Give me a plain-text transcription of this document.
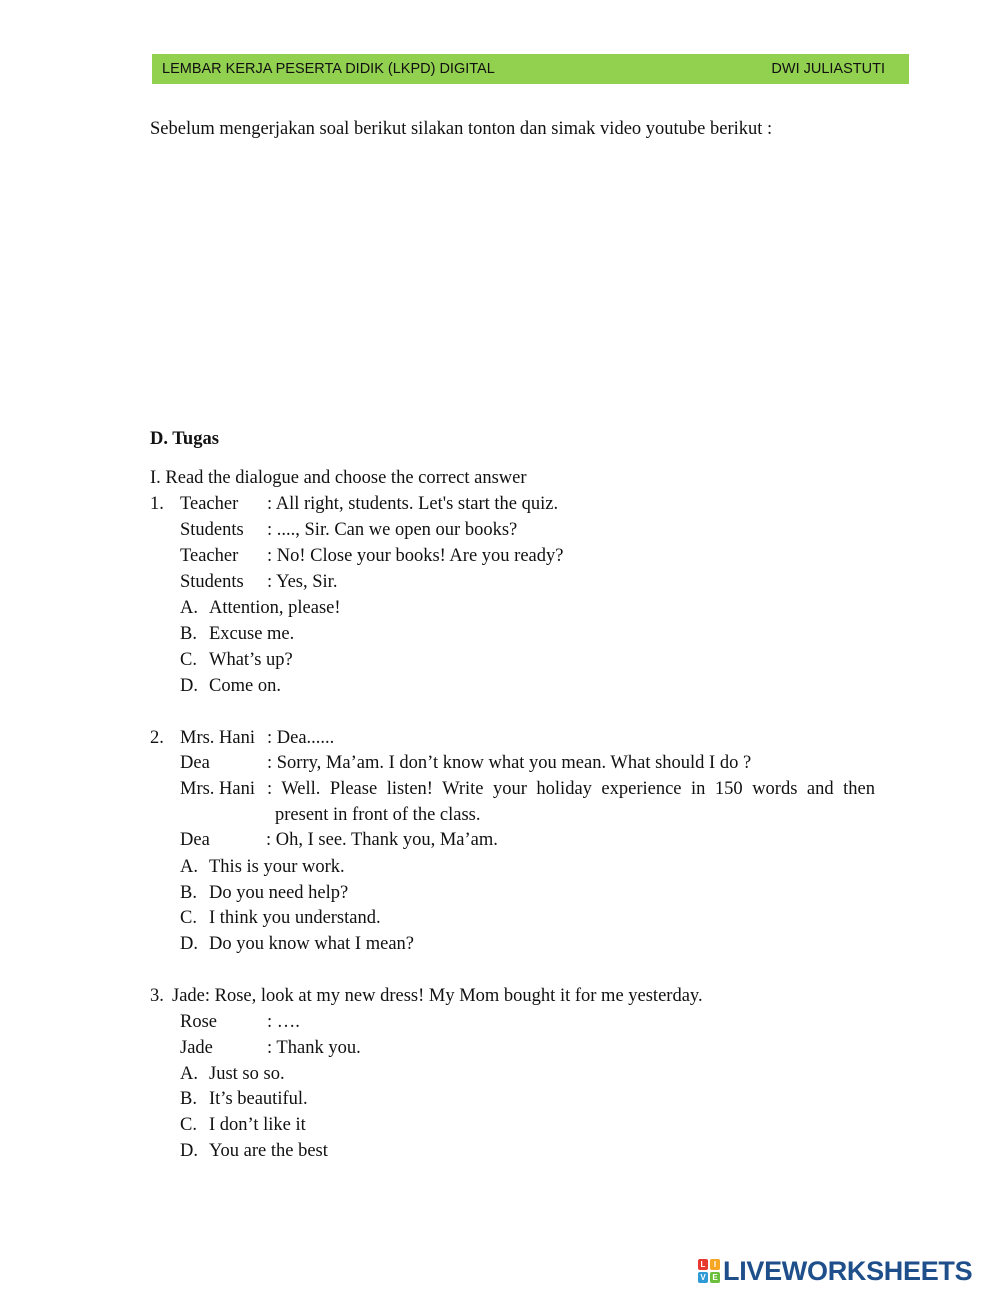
LEMBAR KERJA PESERTA DIDIK (LKPD) DIGITAL	DWI JULIASTUTI
Sebelum mengerjakan soal berikut silakan tonton dan simak video youtube berikut :
D. Tugas
I. Read the dialogue and choose the correct answer
1. Teacher : All right, students. Let's start the quiz.
Students : ...., Sir. Can we open our books?
Teacher : No! Close your books! Are you ready?
Students : Yes, Sir.
A. Attention, please!
B. Excuse me.
C. What’s up?
D. Come on.
2. Mrs. Hani : Dea......
Dea	: Sorry, Ma’am. I don’t know what you mean. What should I do ?
Mrs. Hani : Well. Please listen! Write your holiday experience in 150 words and then
present in front of the class.
Dea	: Oh, I see. Thank you, Ma’am.
A. This is your work.
B. Do you need help?
C. I think you understand.
D. Do you know what I mean?
3. Jade: Rose, look at my new dress! My Mom bought it for me yesterday.
Rose	: ….
Jade	: Thank you.
A. Just so so.
B. It’s beautiful.
C. I don’t like it
D. You are the best
L	I
V E LIVEWORKSHEETS
